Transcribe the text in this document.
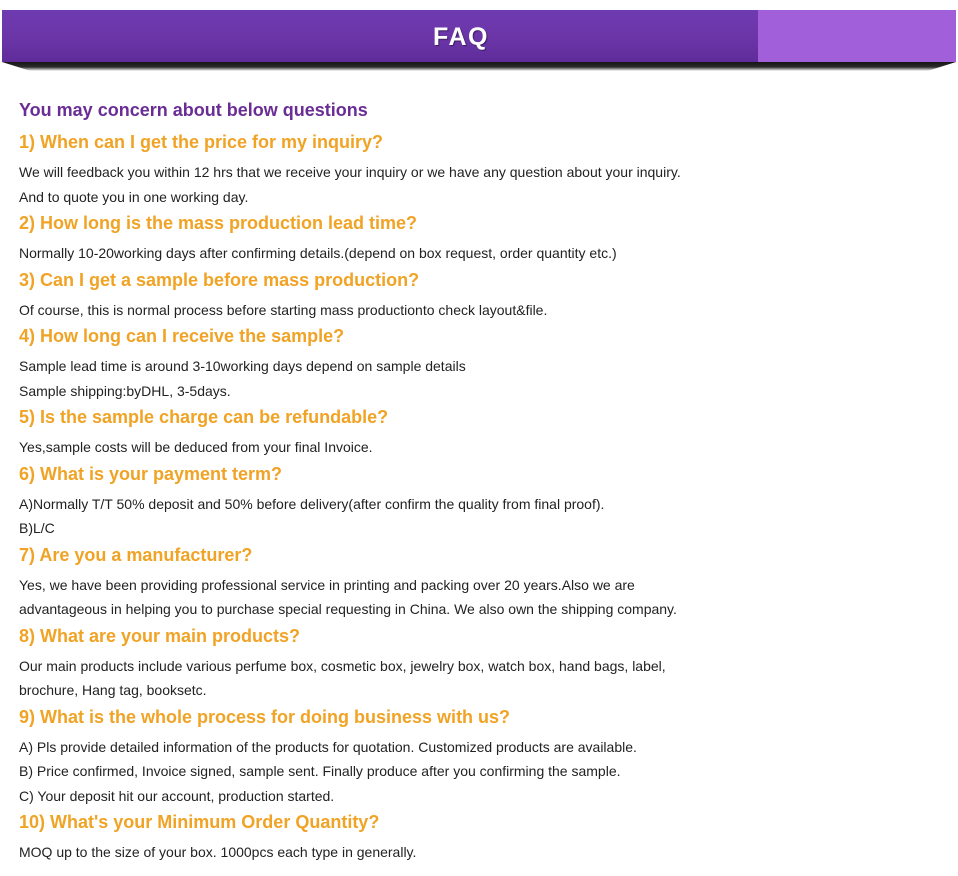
FAQ
You may concern about below questions
1) When can I get the price for my inquiry?

We will feedback you within 12 hrs that we receive your inquiry or we have any question about your inquiry.

And to quote you in one working day.

2) How long is the mass production lead time?

Normally 10-20working days after confirming details.(depend on box request, order quantity etc.)

3) Can I get a sample before mass production?

Of course, this is normal process before starting mass productionto check layout&file.

4) How long can I receive the sample?

Sample lead time is around 3-10working days depend on sample details

Sample shipping:byDHL, 3-5days.

5) Is the sample charge can be refundable?

Yes,sample costs will be deduced from your final Invoice.

6) What is your payment term?

A)Normally T/T 50% deposit and 50% before delivery(after confirm the quality from final proof).

B)L/C

7) Are you a manufacturer?

Yes, we have been providing professional service in printing and packing over 20 years.Also we are

advantageous in helping you to purchase special requesting in China. We also own the shipping company.

8) What are your main products?

Our main products include various perfume box, cosmetic box, jewelry box, watch box, hand bags, label,

brochure, Hang tag, booksetc.

9) What is the whole process for doing business with us?

A) Pls provide detailed information of the products for quotation. Customized products are available.

B) Price confirmed, Invoice signed, sample sent. Finally produce after you confirming the sample.

C) Your deposit hit our account, production started.

10) What's your Minimum Order Quantity?

MOQ up to the size of your box. 1000pcs each type in generally.
